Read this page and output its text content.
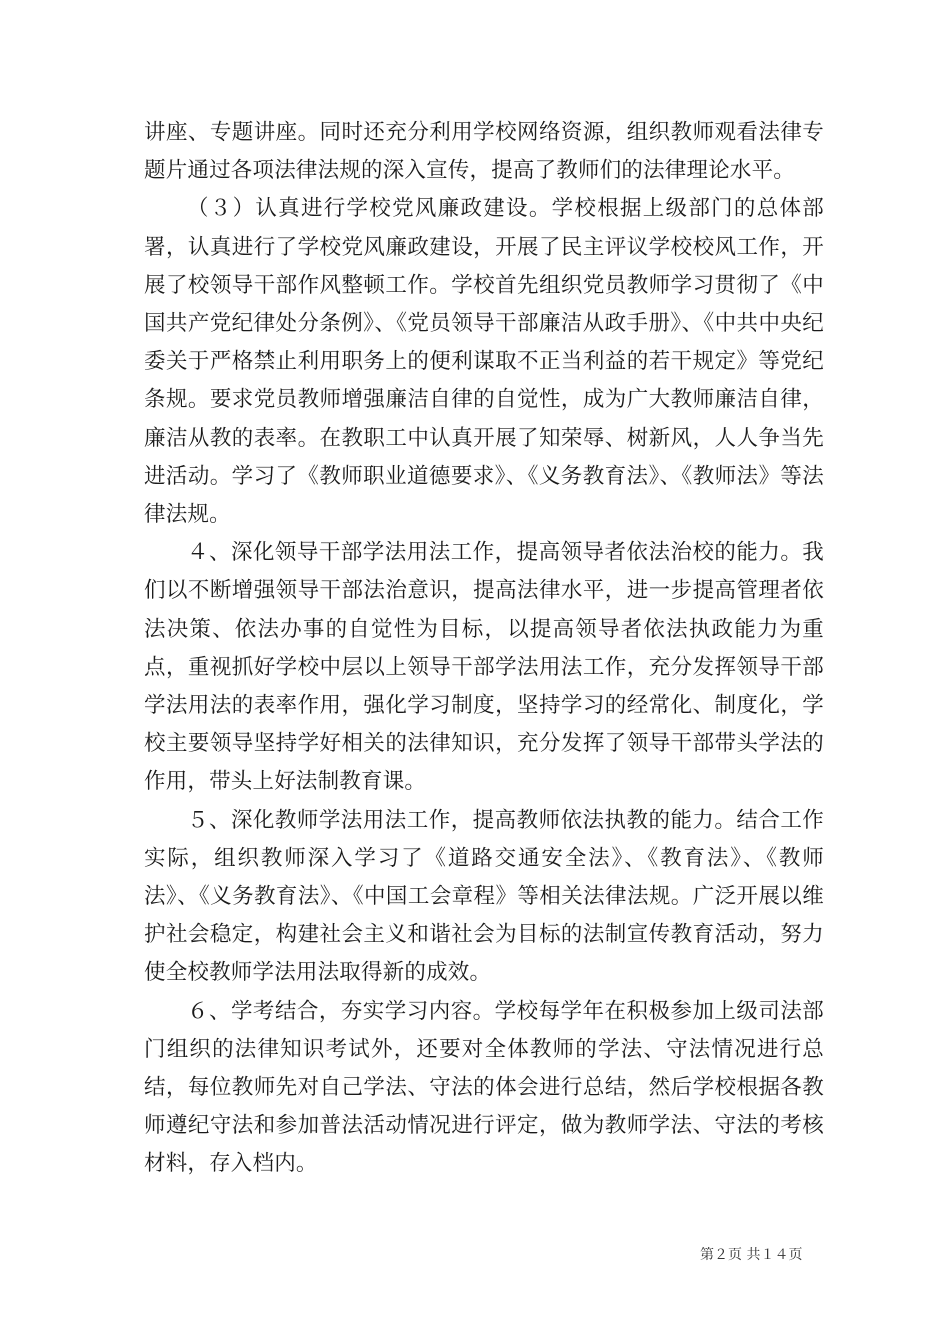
讲座、专题讲座。同时还充分利用学校网络资源，组织教师观看法律专题片通过各项法律法规的深入宣传，提高了教师们的法律理论水平。

（３）认真进行学校党风廉政建设。学校根据上级部门的总体部署，认真进行了学校党风廉政建设，开展了民主评议学校校风工作，开展了校领导干部作风整顿工作。学校首先组织党员教师学习贯彻了《中国共产党纪律处分条例》、《党员领导干部廉洁从政手册》、《中共中央纪委关于严格禁止利用职务上的便利谋取不正当利益的若干规定》等党纪条规。要求党员教师增强廉洁自律的自觉性，成为广大教师廉洁自律，廉洁从教的表率。在教职工中认真开展了知荣辱、树新风，人人争当先进活动。学习了《教师职业道德要求》、《义务教育法》、《教师法》等法律法规。

４、深化领导干部学法用法工作，提高领导者依法治校的能力。我们以不断增强领导干部法治意识，提高法律水平，进一步提高管理者依法决策、依法办事的自觉性为目标，以提高领导者依法执政能力为重点，重视抓好学校中层以上领导干部学法用法工作，充分发挥领导干部学法用法的表率作用，强化学习制度，坚持学习的经常化、制度化，学校主要领导坚持学好相关的法律知识，充分发挥了领导干部带头学法的作用，带头上好法制教育课。

５、深化教师学法用法工作，提高教师依法执教的能力。结合工作实际，组织教师深入学习了《道路交通安全法》、《教育法》、《教师法》、《义务教育法》、《中国工会章程》等相关法律法规。广泛开展以维护社会稳定，构建社会主义和谐社会为目标的法制宣传教育活动，努力使全校教师学法用法取得新的成效。

６、学考结合，夯实学习内容。学校每学年在积极参加上级司法部门组织的法律知识考试外，还要对全体教师的学法、守法情况进行总结，每位教师先对自己学法、守法的体会进行总结，然后学校根据各教师遵纪守法和参加普法活动情况进行评定，做为教师学法、守法的考核材料，存入档内。

第２页 共１４页
